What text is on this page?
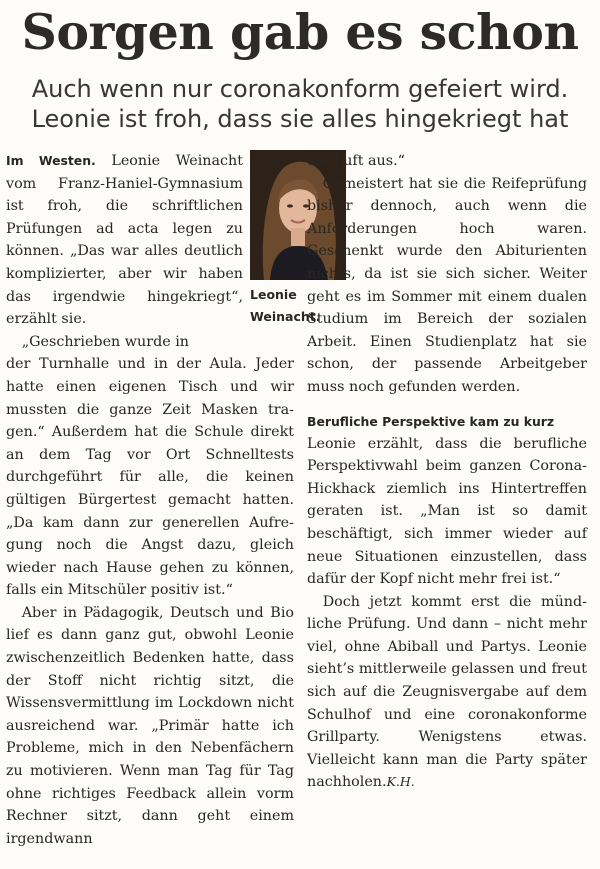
Sorgen gab es schon

Auch wenn nur coronakonform gefeiert wird.

Leonie ist froh, dass sie alles hingekriegt hat

Im Westen. Leonie Weinacht vom Franz-Haniel-Gymnasium ist froh, die schriftlichen Prüfungen ad acta legen zu können. „Das war alles deutlich komplizierter, aber wir haben das irgendwie hingekriegt“, erzählt sie.

„Geschrieben wurde in

der Turnhalle und in der Aula. Jeder hatte einen eigenen Tisch und wir mussten die ganze Zeit Masken tragen.“ Außerdem hat die Schule direkt an dem Tag vor Ort Schnelltests durchgeführt für alle, die keinen gültigen Bürgertest gemacht hatten. „Da kam dann zur generellen Aufregung noch die Angst dazu, gleich wieder nach Hause gehen zu können, falls ein Mitschüler positiv ist.“

Aber in Pädagogik, Deutsch und Bio lief es dann ganz gut, obwohl Leonie zwischenzeitlich Bedenken hatte, dass der Stoff nicht richtig sitzt, die Wissensvermittlung im Lockdown nicht ausreichend war. „Primär hatte ich Probleme, mich in den Nebenfächern zu motivieren. Wenn man Tag für Tag ohne richtiges Feedback allein vorm Rechner sitzt, dann geht einem irgendwann

Leonie Weinacht.

die Luft aus.“

Gemeistert hat sie die Reifeprüfung bisher dennoch, auch wenn die Anforderungen hoch waren. Geschenkt wurde den Abiturienten nichts, da ist sie sich sicher. Weiter geht es im Sommer mit einem dualen Studium im Bereich der sozialen Arbeit. Einen Studienplatz hat sie schon, der passende Arbeitgeber muss noch gefunden werden.

Berufliche Perspektive kam zu kurz

Leonie erzählt, dass die berufliche Perspektivwahl beim ganzen Corona-Hickhack ziemlich ins Hintertreffen geraten ist. „Man ist so damit beschäftigt, sich immer wieder auf neue Situationen einzustellen, dass dafür der Kopf nicht mehr frei ist.“

Doch jetzt kommt erst die mündliche Prüfung. Und dann – nicht mehr viel, ohne Abiball und Partys. Leonie sieht’s mittlerweile gelassen und freut sich auf die Zeugnisvergabe auf dem Schulhof und eine coronakonforme Grillparty. Wenigstens etwas. Vielleicht kann man die Party später nachholen.K.H.
